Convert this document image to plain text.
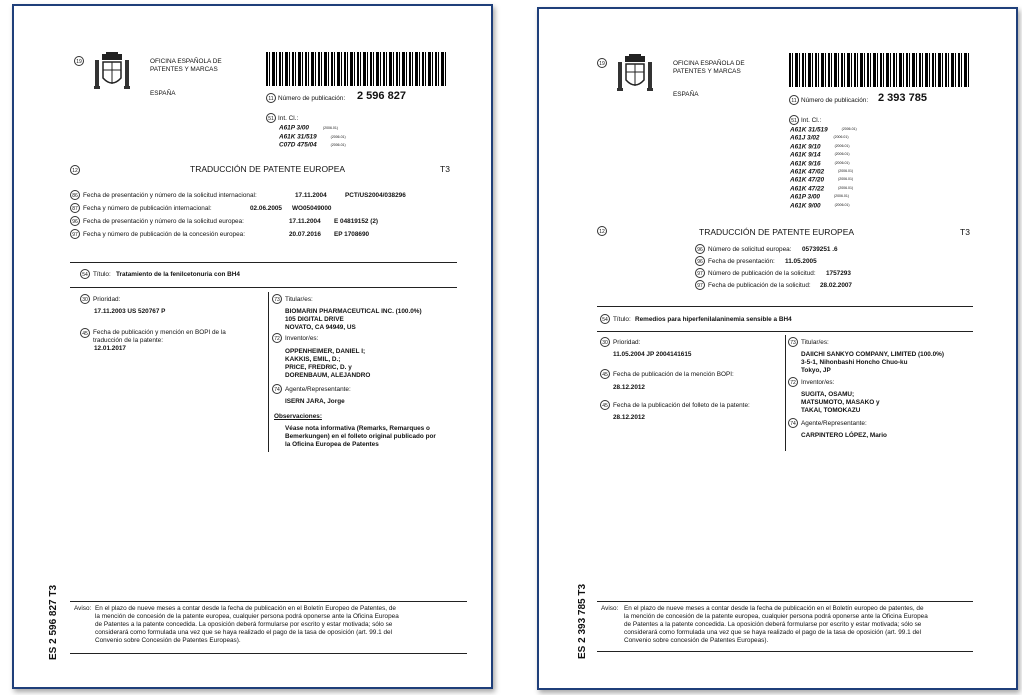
19	OFICINA ESPAÑOLA DE
PATENTES Y MARCAS
ESPAÑA
11 Número de publicación: 2 596 827
51 Int. Cl.:
A61P 3/00	(2006.01)
A61K 31/519	(2006.01)
C07D 475/04	(2006.01)
12	TRADUCCIÓN DE PATENTE EUROPEA	T3
86 Fecha de presentación y número de la solicitud internacional:	17.11.2004	PCT/US2004/038296
87 Fecha y número de publicación internacional:	02.06.2005 WO05049000
96 Fecha de presentación y número de la solicitud europea:	17.11.2004 E 04819152 (2)
97 Fecha y número de publicación de la concesión europea:	20.07.2016 EP 1708690
54 Título: Tratamiento de la fenilcetonuria con BH4
30 Prioridad:
17.11.2003 US 520767 P
45 Fecha de publicación y mención en BOPI de la
traducción de la patente:
12.01.2017
73 Titular/es:
BIOMARIN PHARMACEUTICAL INC. (100.0%)
105 DIGITAL DRIVE
NOVATO, CA 94949, US
72 Inventor/es:
OPPENHEIMER, DANIEL I;
KAKKIS, EMIL, D.;
PRICE, FREDRIC, D. y
DORENBAUM, ALEJANDRO
74 Agente/Representante:
ISERN JARA, Jorge
Observaciones:
Véase nota informativa (Remarks, Remarques o
Bemerkungen) en el folleto original publicado por
la Oficina Europea de Patentes
ES 2 596 827 T3 Aviso: En el plazo de nueve meses a contar desde la fecha de publicación en el Boletín Europeo de Patentes, de
la mención de concesión de la patente europea, cualquier persona podrá oponerse ante la Oficina Europea
de Patentes a la patente concedida. La oposición deberá formularse por escrito y estar motivada; sólo se
considerará como formulada una vez que se haya realizado el pago de la tasa de oposición (art. 99.1 del
Convenio sobre Concesión de Patentes Europeas).
19	OFICINA ESPAÑOLA DE
PATENTES Y MARCAS
ESPAÑA
11 Número de publicación: 2 393 785
51 Int. Cl.:
A61K 31/519	(2006.01)
A61J 3/02	(2006.01)
A61K 9/10	(2006.01)
A61K 9/14	(2006.01)
A61K 9/16	(2006.01)
A61K 47/02	(2006.01)
A61K 47/20	(2006.01)
A61K 47/22	(2006.01)
A61P 3/00	(2006.01)
A61K 9/00	(2006.01)
12	TRADUCCIÓN DE PATENTE EUROPEA	T3
96 Número de solicitud europea: 05739251 .6
96 Fecha de presentación: 11.05.2005
97 Número de publicación de la solicitud: 1757293
97 Fecha de publicación de la solicitud: 28.02.2007
54 Título: Remedios para hiperfenilalaninemia sensible a BH4
30 Prioridad:
11.05.2004 JP 2004141615
45 Fecha de publicación de la mención BOPI:
28.12.2012
45 Fecha de la publicación del folleto de la patente:
28.12.2012
73 Titular/es:
DAIICHI SANKYO COMPANY, LIMITED (100.0%)
3-5-1, Nihonbashi Honcho Chuo-ku
Tokyo, JP
72 Inventor/es:
SUGITA, OSAMU;
MATSUMOTO, MASAKO y
TAKAI, TOMOKAZU
74 Agente/Representante:
CARPINTERO LÓPEZ, Mario
ES 2 393 785 T3 Aviso: En el plazo de nueve meses a contar desde la fecha de publicación en el Boletín europeo de patentes, de
la mención de concesión de la patente europea, cualquier persona podrá oponerse ante la Oficina Europea
de Patentes a la patente concedida. La oposición deberá formularse por escrito y estar motivada; sólo se
considerará como formulada una vez que se haya realizado el pago de la tasa de oposición (art. 99.1 del
Convenio sobre concesión de Patentes Europeas).
